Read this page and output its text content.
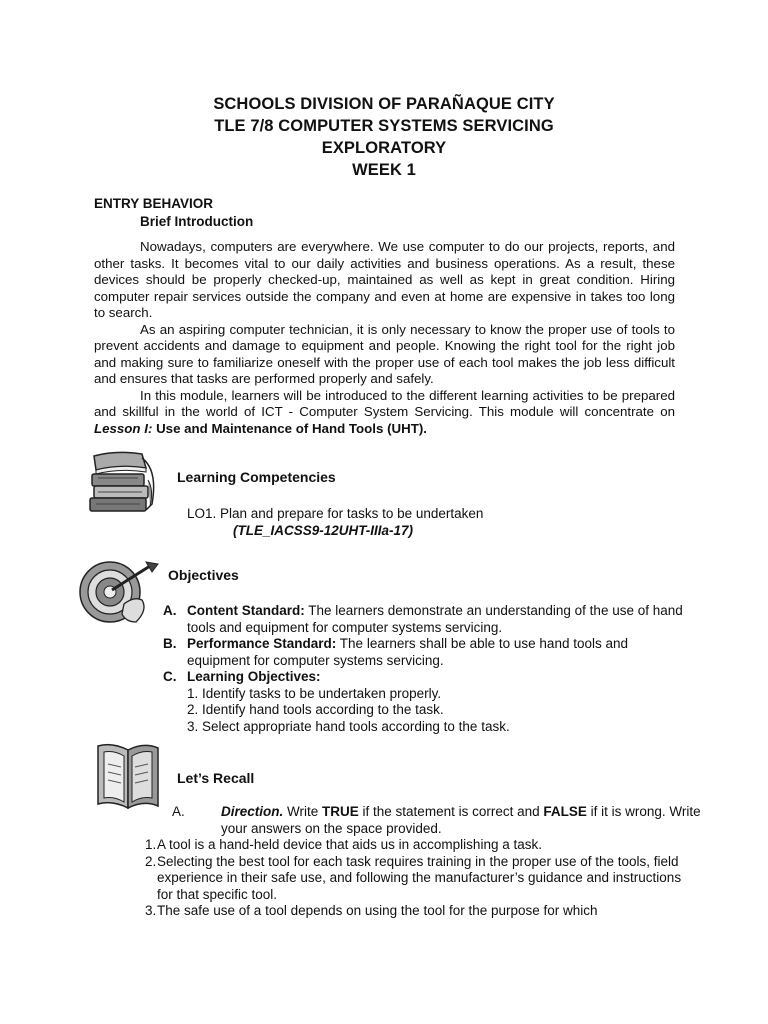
SCHOOLS DIVISION OF PARAÑAQUE CITY
TLE 7/8 COMPUTER SYSTEMS SERVICING
EXPLORATORY
WEEK 1
ENTRY BEHAVIOR
Brief Introduction

Nowadays, computers are everywhere. We use computer to do our projects, reports, and other tasks. It becomes vital to our daily activities and business operations. As a result, these devices should be properly checked-up, maintained as well as kept in great condition. Hiring computer repair services outside the company and even at home are expensive in takes too long to search.

As an aspiring computer technician, it is only necessary to know the proper use of tools to prevent accidents and damage to equipment and people. Knowing the right tool for the right job and making sure to familiarize oneself with the proper use of each tool makes the job less difficult and ensures that tasks are performed properly and safely.

In this module, learners will be introduced to the different learning activities to be prepared and skillful in the world of ICT - Computer System Servicing. This module will concentrate on Lesson I: Use and Maintenance of Hand Tools (UHT).

Learning Competencies
LO1. Plan and prepare for tasks to be undertaken
(TLE_IACSS9-12UHT-IIIa-17)
Objectives
A. Content Standard: The learners demonstrate an understanding of the use of hand tools and equipment for computer systems servicing.
B. Performance Standard: The learners shall be able to use hand tools and equipment for computer systems servicing.
C. Learning Objectives:
1. Identify tasks to be undertaken properly.
2. Identify hand tools according to the task.
3. Select appropriate hand tools according to the task.
Let’s Recall
A.	Direction. Write TRUE if the statement is correct and FALSE if it is wrong. Write your answers on the space provided.
1. A tool is a hand-held device that aids us in accomplishing a task.
2. Selecting the best tool for each task requires training in the proper use of the tools, field experience in their safe use, and following the manufacturer’s guidance and instructions for that specific tool.
3. The safe use of a tool depends on using the tool for the purpose for which
